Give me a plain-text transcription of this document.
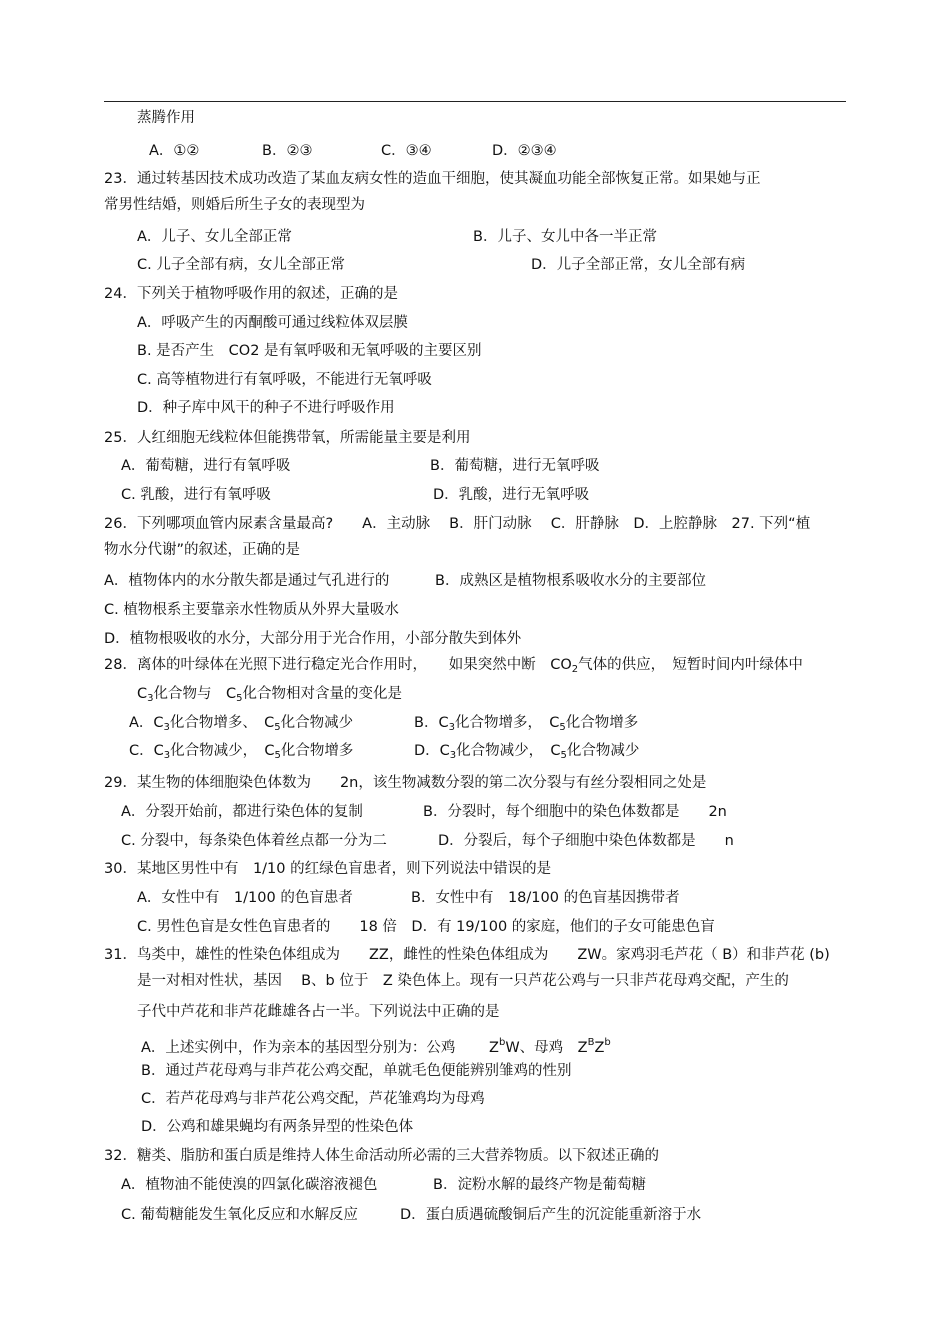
蒸腾作用
A．①②	B．②③	C．③④	D．②③④
23．通过转基因技术成功改造了某血友病女性的造血干细胞，使其凝血功能全部恢复正常。如果她与正
常男性结婚，则婚后所生子女的表现型为
A．儿子、女儿全部正常	B．儿子、女儿中各一半正常
C. 儿子全部有病，女儿全部正常	D．儿子全部正常，女儿全部有病
24．下列关于植物呼吸作用的叙述，正确的是
A．呼吸产生的丙酮酸可通过线粒体双层膜
B. 是否产生　CO2 是有氧呼吸和无氧呼吸的主要区别
C. 高等植物进行有氧呼吸，不能进行无氧呼吸
D．种子库中风干的种子不进行呼吸作用
25．人红细胞无线粒体但能携带氧，所需能量主要是利用
A．葡萄糖，进行有氧呼吸	B．葡萄糖，进行无氧呼吸
C. 乳酸，进行有氧呼吸	D．乳酸，进行无氧呼吸
26．下列哪项血管内尿素含量最高?　　A．主动脉　 B．肝门动脉　 C．肝静脉　D．上腔静脉　27. 下列“植
物水分代谢”的叙述，正确的是
A．植物体内的水分散失都是通过气孔进行的	B．成熟区是植物根系吸收水分的主要部位
C. 植物根系主要靠亲水性物质从外界大量吸水
D．植物根吸收的水分，大部分用于光合作用，小部分散失到体外
28．离体的叶绿体在光照下进行稳定光合作用时，　　如果突然中断　$CO_2$气体的供应，　短暂时间内叶绿体中
$C_3$化合物与　$C_5$化合物相对含量的变化是
A．$C_3$化合物增多、　$C_5$化合物减少	B．$C_3$化合物增多，　$C_5$化合物增多
C．$C_3$化合物减少，　$C_5$化合物增多	D．$C_3$化合物减少，　$C_5$化合物减少
29．某生物的体细胞染色体数为　　2n，该生物减数分裂的第二次分裂与有丝分裂相同之处是
A．分裂开始前，都进行染色体的复制	B．分裂时，每个细胞中的染色体数都是　　2n
C. 分裂中，每条染色体着丝点都一分为二	D．分裂后，每个子细胞中染色体数都是　　n
30．某地区男性中有　1/10 的红绿色盲患者，则下列说法中错误的是
A．女性中有　1/100 的色盲患者	B．女性中有　18/100 的色盲基因携带者
C. 男性色盲是女性色盲患者的　　18 倍　D．有 19/100 的家庭，他们的子女可能患色盲
31．鸟类中，雄性的性染色体组成为　　ZZ，雌性的性染色体组成为　　ZW。家鸡羽毛芦花（ B）和非芦花 (b)
是一对相对性状，基因　 B、b 位于　Z 染色体上。现有一只芦花公鸡与一只非芦花母鸡交配，产生的
子代中芦花和非芦花雌雄各占一半。下列说法中正确的是
A．上述实例中，作为亲本的基因型分别为：公鸡　　 $Z^bW$、母鸡　$Z^BZ^b$
B．通过芦花母鸡与非芦花公鸡交配，单就毛色便能辨别雏鸡的性别
C．若芦花母鸡与非芦花公鸡交配，芦花雏鸡均为母鸡
D．公鸡和雄果蝇均有两条异型的性染色体
32．糖类、脂肪和蛋白质是维持人体生命活动所必需的三大营养物质。以下叙述正确的
A．植物油不能使溴的四氯化碳溶液褪色	B．淀粉水解的最终产物是葡萄糖
C. 葡萄糖能发生氧化反应和水解反应	D．蛋白质遇硫酸铜后产生的沉淀能重新溶于水
